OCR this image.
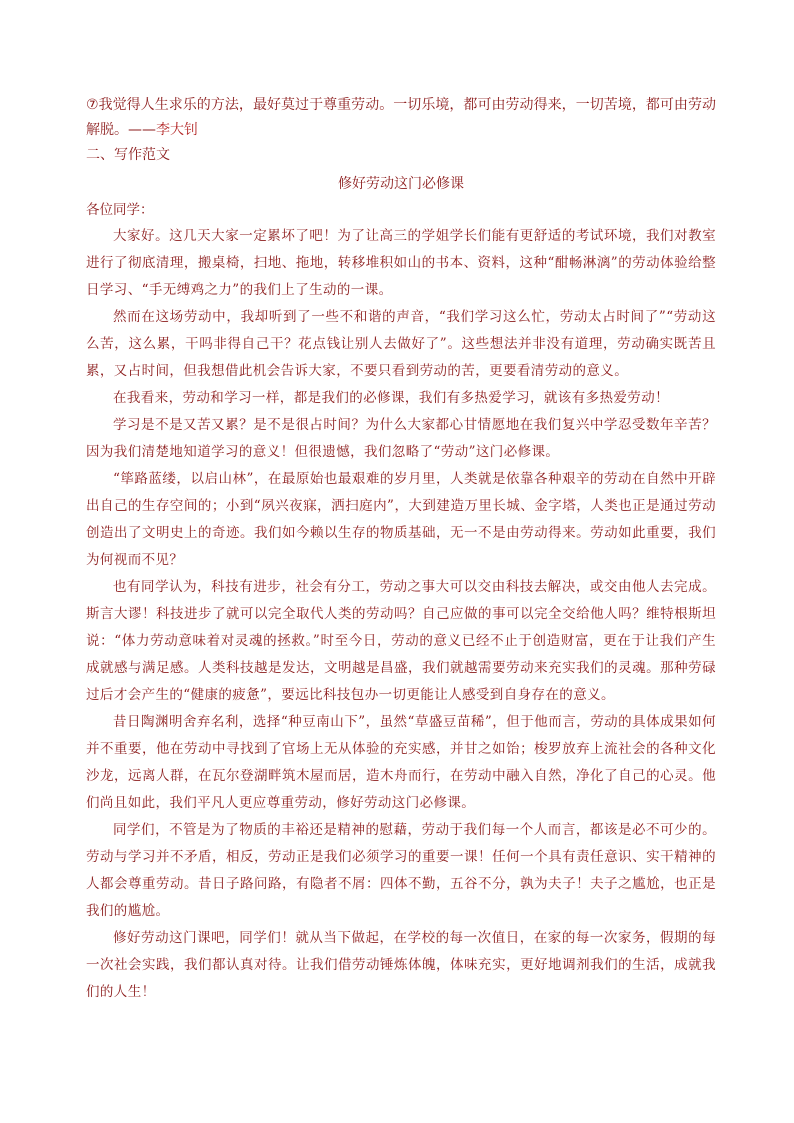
⑦我觉得人生求乐的方法，最好莫过于尊重劳动。一切乐境，都可由劳动得来，一切苦境，都可由劳动解脱。——李大钊

二、写作范文

修好劳动这门必修课

各位同学：

大家好。这几天大家一定累坏了吧！为了让高三的学姐学长们能有更舒适的考试环境，我们对教室进行了彻底清理，搬桌椅，扫地、拖地，转移堆积如山的书本、资料，这种“酣畅淋漓”的劳动体验给整日学习、“手无缚鸡之力”的我们上了生动的一课。

然而在这场劳动中，我却听到了一些不和谐的声音，“我们学习这么忙，劳动太占时间了”“劳动这么苦，这么累，干吗非得自己干？花点钱让别人去做好了”。这些想法并非没有道理，劳动确实既苦且累，又占时间，但我想借此机会告诉大家，不要只看到劳动的苦，更要看清劳动的意义。

在我看来，劳动和学习一样，都是我们的必修课，我们有多热爱学习，就该有多热爱劳动！

学习是不是又苦又累？是不是很占时间？为什么大家都心甘情愿地在我们复兴中学忍受数年辛苦？因为我们清楚地知道学习的意义！但很遗憾，我们忽略了“劳动”这门必修课。

“筚路蓝缕，以启山林”，在最原始也最艰难的岁月里，人类就是依靠各种艰辛的劳动在自然中开辟出自己的生存空间的；小到“夙兴夜寐，洒扫庭内”，大到建造万里长城、金字塔，人类也正是通过劳动创造出了文明史上的奇迹。我们如今赖以生存的物质基础，无一不是由劳动得来。劳动如此重要，我们为何视而不见？

也有同学认为，科技有进步，社会有分工，劳动之事大可以交由科技去解决，或交由他人去完成。斯言大谬！科技进步了就可以完全取代人类的劳动吗？自己应做的事可以完全交给他人吗？维特根斯坦说：“体力劳动意味着对灵魂的拯救。”时至今日，劳动的意义已经不止于创造财富，更在于让我们产生成就感与满足感。人类科技越是发达，文明越是昌盛，我们就越需要劳动来充实我们的灵魂。那种劳碌过后才会产生的“健康的疲惫”，要远比科技包办一切更能让人感受到自身存在的意义。

昔日陶渊明舍弃名利，选择“种豆南山下”，虽然“草盛豆苗稀”，但于他而言，劳动的具体成果如何并不重要，他在劳动中寻找到了官场上无从体验的充实感，并甘之如饴；梭罗放弃上流社会的各种文化沙龙，远离人群，在瓦尔登湖畔筑木屋而居，造木舟而行，在劳动中融入自然，净化了自己的心灵。他们尚且如此，我们平凡人更应尊重劳动，修好劳动这门必修课。

同学们，不管是为了物质的丰裕还是精神的慰藉，劳动于我们每一个人而言，都该是必不可少的。劳动与学习并不矛盾，相反，劳动正是我们必须学习的重要一课！任何一个具有责任意识、实干精神的人都会尊重劳动。昔日子路问路，有隐者不屑：四体不勤，五谷不分，孰为夫子！夫子之尴尬，也正是我们的尴尬。

修好劳动这门课吧，同学们！就从当下做起，在学校的每一次值日，在家的每一次家务，假期的每一次社会实践，我们都认真对待。让我们借劳动锤炼体魄，体味充实，更好地调剂我们的生活，成就我们的人生！
